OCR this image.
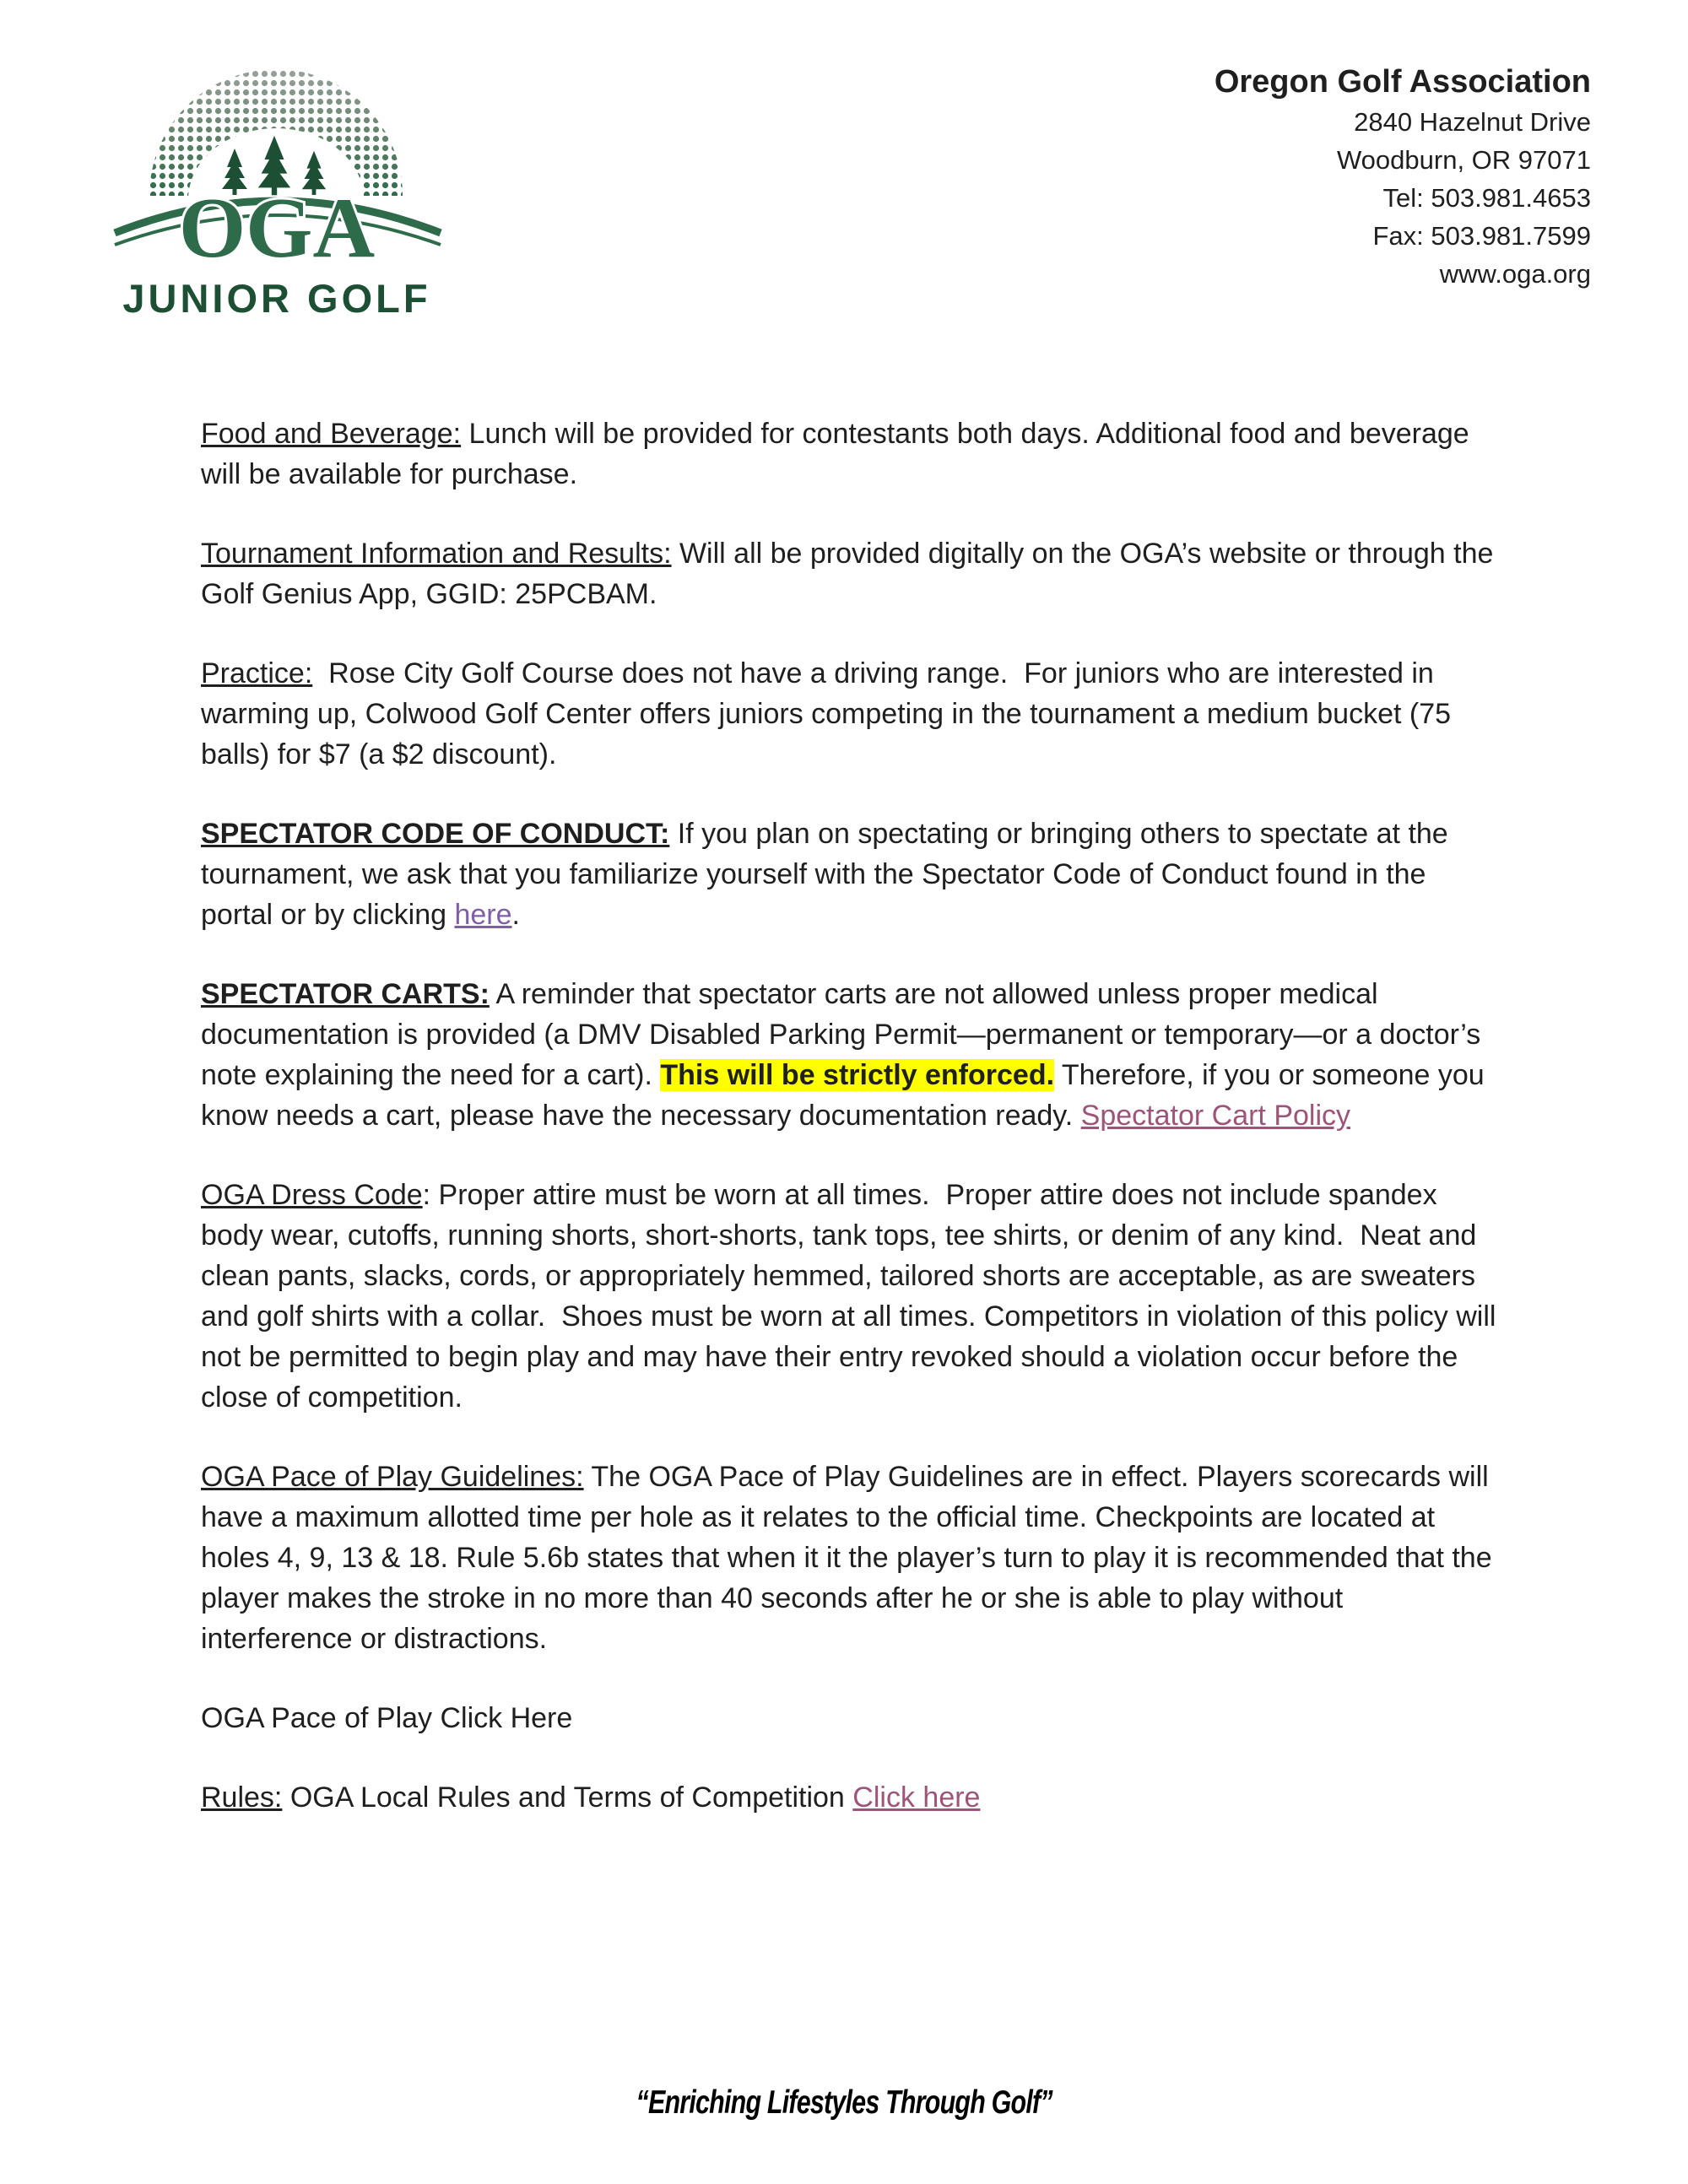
OGA
JUNIOR GOLF
Oregon Golf Association
2840 Hazelnut Drive
Woodburn, OR 97071
Tel: 503.981.4653
Fax: 503.981.7599
www.oga.org

Food and Beverage: Lunch will be provided for contestants both days. Additional food and beverage will be available for purchase.

Tournament Information and Results: Will all be provided digitally on the OGA’s website or through the Golf Genius App, GGID: 25PCBAM.

Practice:  Rose City Golf Course does not have a driving range.  For juniors who are interested in warming up, Colwood Golf Center offers juniors competing in the tournament a medium bucket (75 balls) for $7 (a $2 discount).

SPECTATOR CODE OF CONDUCT: If you plan on spectating or bringing others to spectate at the tournament, we ask that you familiarize yourself with the Spectator Code of Conduct found in the portal or by clicking here.

SPECTATOR CARTS: A reminder that spectator carts are not allowed unless proper medical documentation is provided (a DMV Disabled Parking Permit—permanent or temporary—or a doctor’s note explaining the need for a cart). This will be strictly enforced. Therefore, if you or someone you know needs a cart, please have the necessary documentation ready. Spectator Cart Policy

OGA Dress Code: Proper attire must be worn at all times.  Proper attire does not include spandex body wear, cutoffs, running shorts, short-shorts, tank tops, tee shirts, or denim of any kind.  Neat and clean pants, slacks, cords, or appropriately hemmed, tailored shorts are acceptable, as are sweaters and golf shirts with a collar.  Shoes must be worn at all times. Competitors in violation of this policy will not be permitted to begin play and may have their entry revoked should a violation occur before the close of competition.

OGA Pace of Play Guidelines: The OGA Pace of Play Guidelines are in effect. Players scorecards will have a maximum allotted time per hole as it relates to the official time. Checkpoints are located at holes 4, 9, 13 & 18. Rule 5.6b states that when it it the player’s turn to play it is recommended that the player makes the stroke in no more than 40 seconds after he or she is able to play without interference or distractions.

OGA Pace of Play Click Here

Rules: OGA Local Rules and Terms of Competition Click here

“Enriching Lifestyles Through Golf”
